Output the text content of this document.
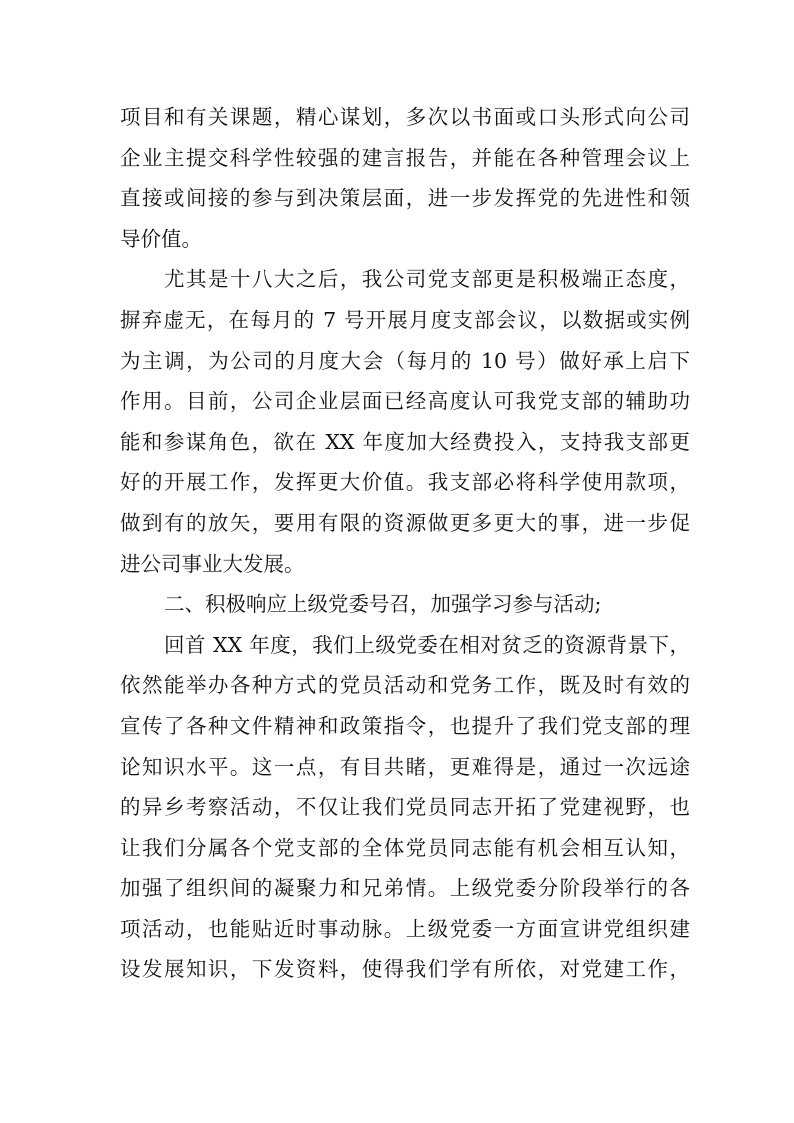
项目和有关课题，精心谋划，多次以书面或口头形式向公司
企业主提交科学性较强的建言报告，并能在各种管理会议上
直接或间接的参与到决策层面，进一步发挥党的先进性和领
导价值。
尤其是十八大之后，我公司党支部更是积极端正态度，
摒弃虚无，在每月的 7 号开展月度支部会议，以数据或实例
为主调，为公司的月度大会（每月的 10 号）做好承上启下
作用。目前，公司企业层面已经高度认可我党支部的辅助功
能和参谋角色，欲在 XX 年度加大经费投入，支持我支部更
好的开展工作，发挥更大价值。我支部必将科学使用款项，
做到有的放矢，要用有限的资源做更多更大的事，进一步促
进公司事业大发展。
二、积极响应上级党委号召，加强学习参与活动;
回首 XX 年度，我们上级党委在相对贫乏的资源背景下，
依然能举办各种方式的党员活动和党务工作，既及时有效的
宣传了各种文件精神和政策指令，也提升了我们党支部的理
论知识水平。这一点，有目共睹，更难得是，通过一次远途
的异乡考察活动，不仅让我们党员同志开拓了党建视野，也
让我们分属各个党支部的全体党员同志能有机会相互认知，
加强了组织间的凝聚力和兄弟情。上级党委分阶段举行的各
项活动，也能贴近时事动脉。上级党委一方面宣讲党组织建
设发展知识，下发资料，使得我们学有所依，对党建工作，
